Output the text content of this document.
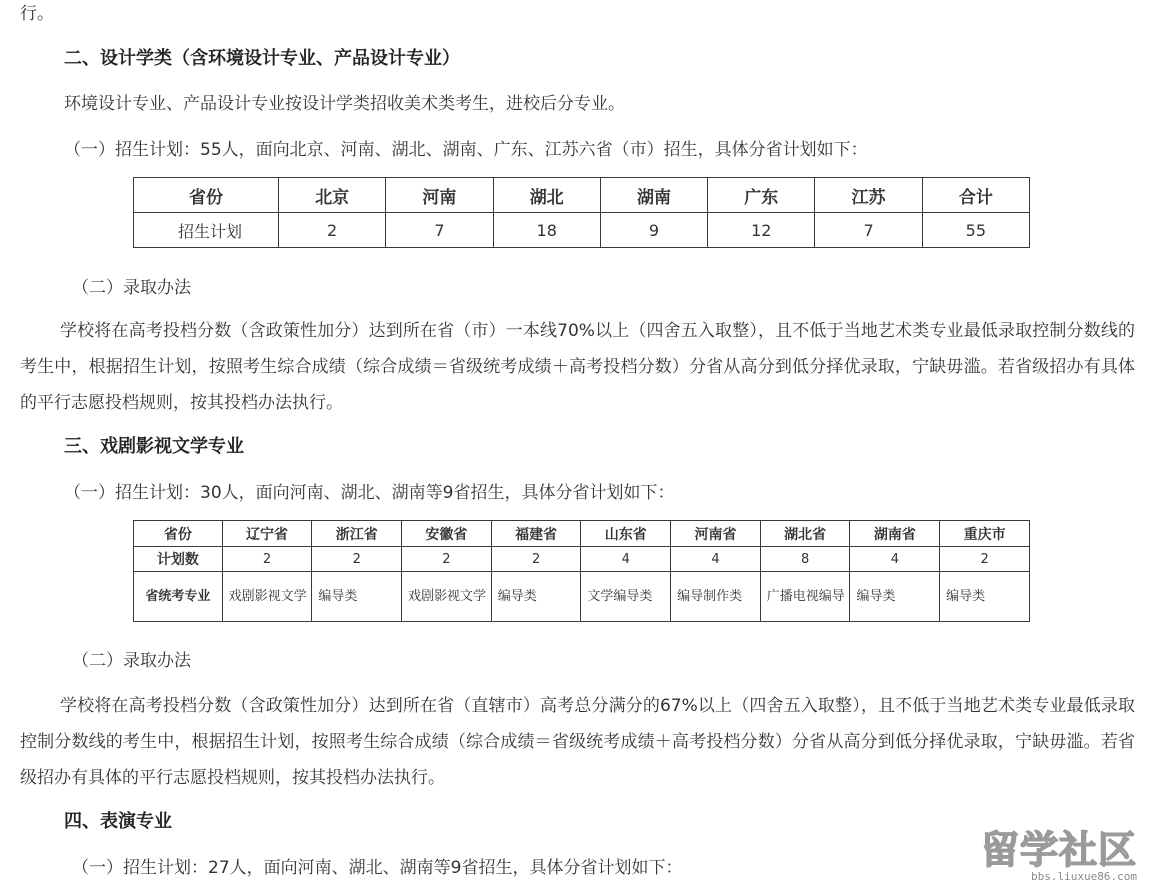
行。
二、设计学类（含环境设计专业、产品设计专业）
环境设计专业、产品设计专业按设计学类招收美术类考生，进校后分专业。
（一）招生计划：55人，面向北京、河南、湖北、湖南、广东、江苏六省（市）招生，具体分省计划如下：
省份	北京	河南	湖北	湖南	广东	江苏	合计
招生计划	2	7	18	9	12	7	55
（二）录取办法
学校将在高考投档分数（含政策性加分）达到所在省（市）一本线70%以上（四舍五入取整），且不低于当地艺术类专业最低录取控制分数线的考生中，根据招生计划，按照考生综合成绩（综合成绩＝省级统考成绩＋高考投档分数）分省从高分到低分择优录取，宁缺毋滥。若省级招办有具体的平行志愿投档规则，按其投档办法执行。
三、戏剧影视文学专业
（一）招生计划：30人，面向河南、湖北、湖南等9省招生，具体分省计划如下：
省份	辽宁省	浙江省	安徽省	福建省	山东省	河南省	湖北省	湖南省	重庆市
计划数	2	2	2	2	4	4	8	4	2
省统考专业	戏剧影视文学	编导类	戏剧影视文学	编导类	文学编导类	编导制作类	广播电视编导	编导类	编导类
（二）录取办法
学校将在高考投档分数（含政策性加分）达到所在省（直辖市）高考总分满分的67%以上（四舍五入取整），且不低于当地艺术类专业最低录取控制分数线的考生中，根据招生计划，按照考生综合成绩（综合成绩＝省级统考成绩＋高考投档分数）分省从高分到低分择优录取，宁缺毋滥。若省级招办有具体的平行志愿投档规则，按其投档办法执行。
四、表演专业
（一）招生计划：27人，面向河南、湖北、湖南等9省招生，具体分省计划如下：	留学社区
bbs.liuxue86.com
